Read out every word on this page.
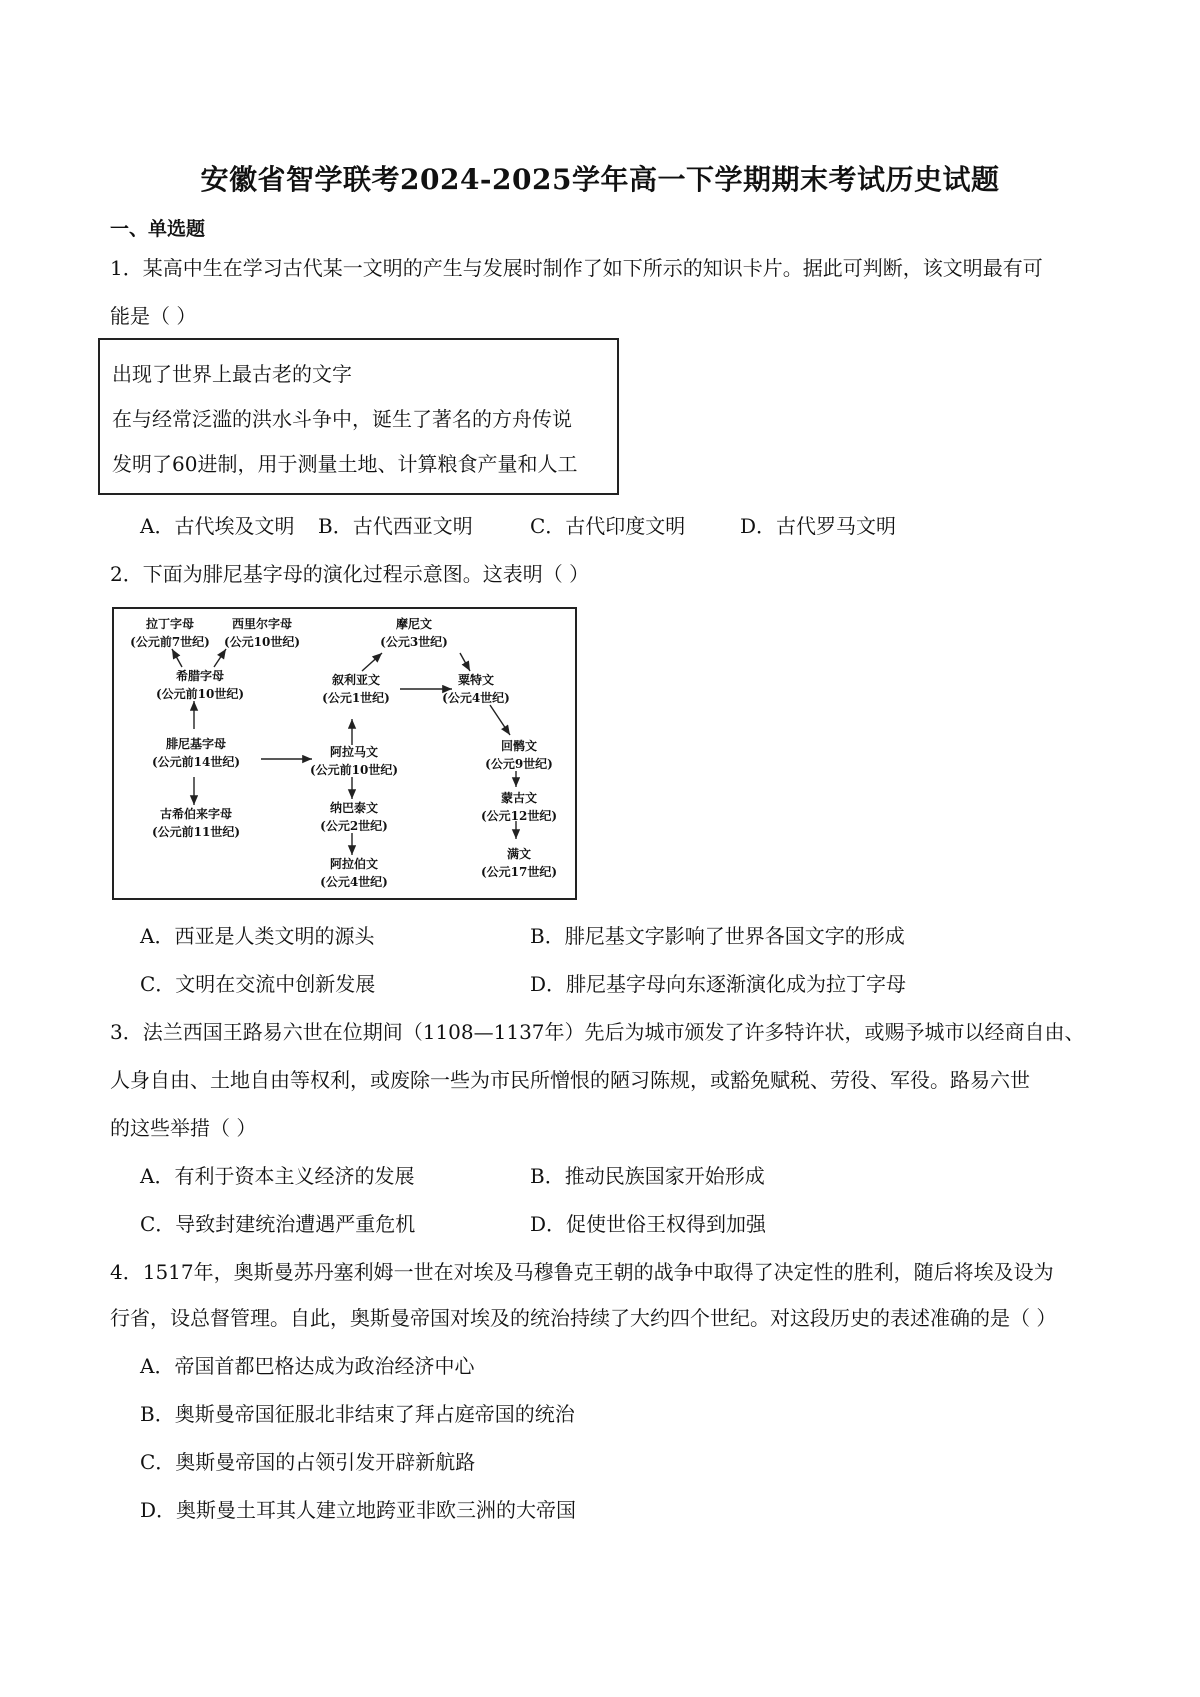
安徽省智学联考2024-2025学年高一下学期期末考试历史试题
一、单选题
1．某高中生在学习古代某一文明的产生与发展时制作了如下所示的知识卡片。据此可判断，该文明最有可
能是（ ）
出现了世界上最古老的文字
在与经常泛滥的洪水斗争中，诞生了著名的方舟传说
发明了60进制，用于测量土地、计算粮食产量和人工
A．古代埃及文明 B．古代西亚文明	C．古代印度文明	D．古代罗马文明
2．下面为腓尼基字母的演化过程示意图。这表明（ ）
拉丁字母
(公元前7世纪)
西里尔字母
(公元10世纪)
希腊字母
(公元前10世纪)
腓尼基字母
(公元前14世纪)
古希伯来字母
(公元前11世纪)
摩尼文
(公元3世纪)
叙利亚文
(公元1世纪)
粟特文
(公元4世纪)
阿拉马文
(公元前10世纪)
回鹘文
(公元9世纪)
纳巴泰文
(公元2世纪)
蒙古文
(公元12世纪)
阿拉伯文
(公元4世纪)
满文
(公元17世纪)
A．西亚是人类文明的源头	B．腓尼基文字影响了世界各国文字的形成
C．文明在交流中创新发展	D．腓尼基字母向东逐渐演化成为拉丁字母
3．法兰西国王路易六世在位期间（1108—1137年）先后为城市颁发了许多特许状，或赐予城市以经商自由、
人身自由、土地自由等权利，或废除一些为市民所憎恨的陋习陈规，或豁免赋税、劳役、军役。路易六世
的这些举措（ ）
A．有利于资本主义经济的发展	B．推动民族国家开始形成
C．导致封建统治遭遇严重危机	D．促使世俗王权得到加强
4．1517年，奥斯曼苏丹塞利姆一世在对埃及马穆鲁克王朝的战争中取得了决定性的胜利，随后将埃及设为
行省，设总督管理。自此，奥斯曼帝国对埃及的统治持续了大约四个世纪。对这段历史的表述准确的是（ ）
A．帝国首都巴格达成为政治经济中心
B．奥斯曼帝国征服北非结束了拜占庭帝国的统治
C．奥斯曼帝国的占领引发开辟新航路
D．奥斯曼土耳其人建立地跨亚非欧三洲的大帝国
